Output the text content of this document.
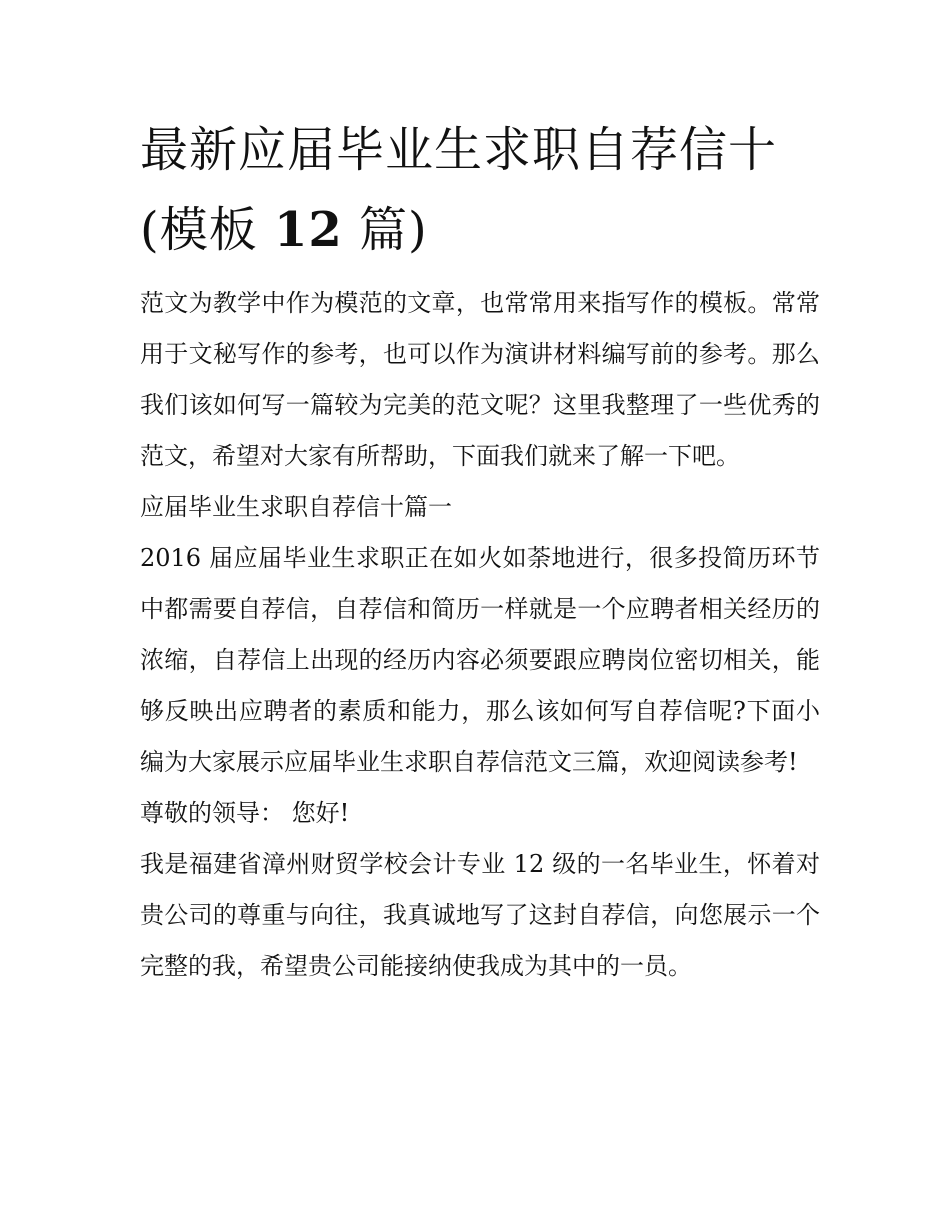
最新应届毕业生求职自荐信十
(模板 12 篇)

范文为教学中作为模范的文章，也常常用来指写作的模板。常常用于文秘写作的参考，也可以作为演讲材料编写前的参考。那么我们该如何写一篇较为完美的范文呢？这里我整理了一些优秀的范文，希望对大家有所帮助，下面我们就来了解一下吧。

应届毕业生求职自荐信十篇一

2016 届应届毕业生求职正在如火如荼地进行，很多投简历环节中都需要自荐信，自荐信和简历一样就是一个应聘者相关经历的浓缩，自荐信上出现的经历内容必须要跟应聘岗位密切相关，能够反映出应聘者的素质和能力，那么该如何写自荐信呢?下面小编为大家展示应届毕业生求职自荐信范文三篇，欢迎阅读参考!

尊敬的领导： 您好!

我是福建省漳州财贸学校会计专业 12 级的一名毕业生，怀着对贵公司的尊重与向往，我真诚地写了这封自荐信，向您展示一个完整的我，希望贵公司能接纳使我成为其中的一员。
